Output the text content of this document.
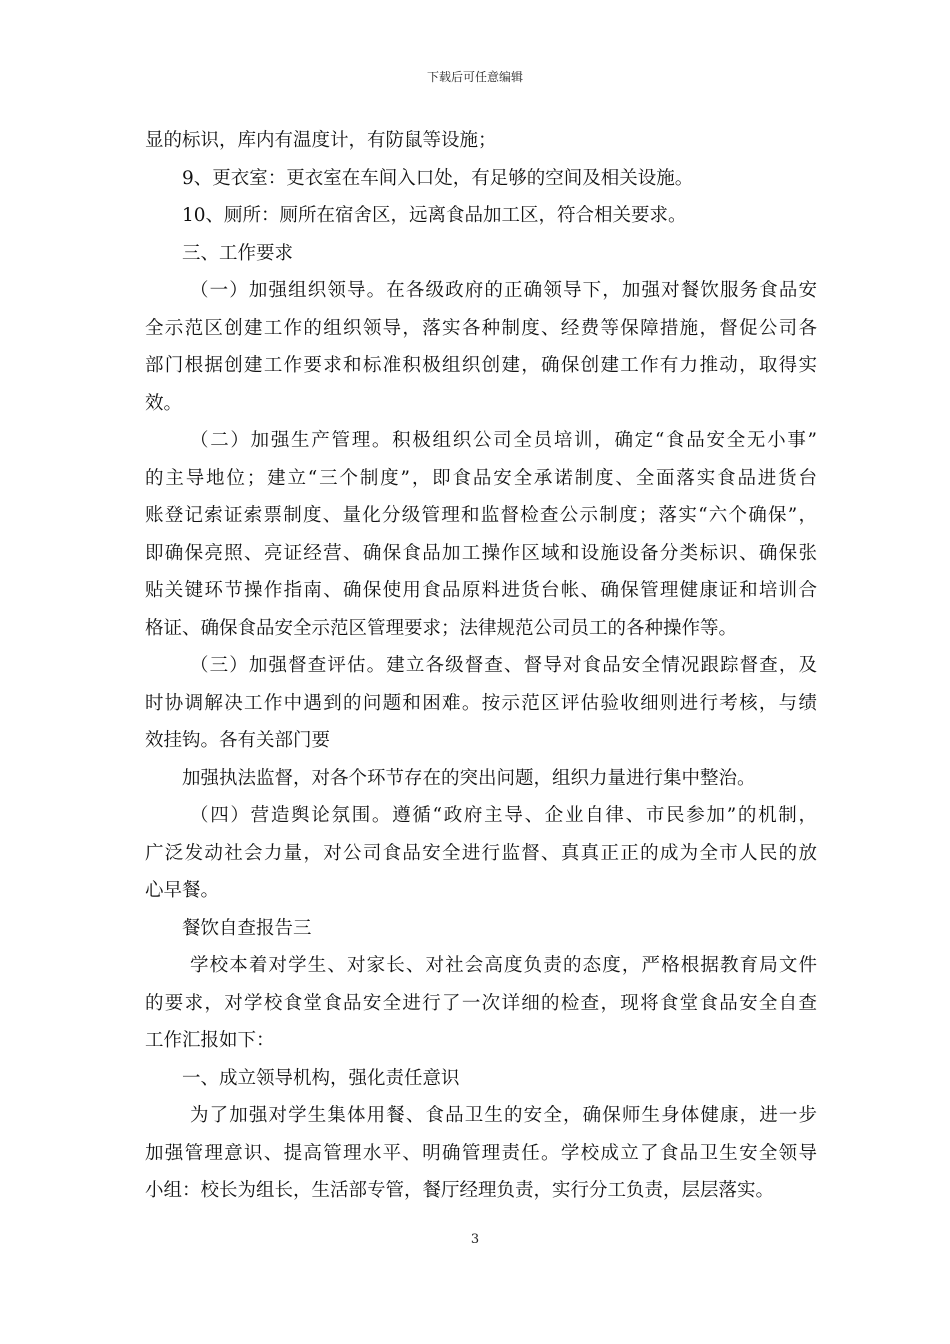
下载后可任意编辑
显的标识，库内有温度计，有防鼠等设施；
9、更衣室：更衣室在车间入口处，有足够的空间及相关设施。
10、厕所：厕所在宿舍区，远离食品加工区，符合相关要求。
三、工作要求
（一）加强组织领导。在各级政府的正确领导下，加强对餐饮服务食品安
全示范区创建工作的组织领导，落实各种制度、经费等保障措施，督促公司各
部门根据创建工作要求和标准积极组织创建，确保创建工作有力推动，取得实
效。
（二）加强生产管理。积极组织公司全员培训，确定“食品安全无小事”
的主导地位；建立“三个制度”，即食品安全承诺制度、全面落实食品进货台
账登记索证索票制度、量化分级管理和监督检查公示制度；落实“六个确保”，
即确保亮照、亮证经营、确保食品加工操作区域和设施设备分类标识、确保张
贴关键环节操作指南、确保使用食品原料进货台帐、确保管理健康证和培训合
格证、确保食品安全示范区管理要求；法律规范公司员工的各种操作等。
（三）加强督查评估。建立各级督查、督导对食品安全情况跟踪督查，及
时协调解决工作中遇到的问题和困难。按示范区评估验收细则进行考核，与绩
效挂钩。各有关部门要
加强执法监督，对各个环节存在的突出问题，组织力量进行集中整治。
（四）营造舆论氛围。遵循“政府主导、企业自律、市民参加”的机制，
广泛发动社会力量，对公司食品安全进行监督、真真正正的成为全市人民的放
心早餐。
餐饮自查报告三
学校本着对学生、对家长、对社会高度负责的态度，严格根据教育局文件
的要求，对学校食堂食品安全进行了一次详细的检查，现将食堂食品安全自查
工作汇报如下：
一、成立领导机构，强化责任意识
为了加强对学生集体用餐、食品卫生的安全，确保师生身体健康，进一步
加强管理意识、提高管理水平、明确管理责任。学校成立了食品卫生安全领导
小组：校长为组长，生活部专管，餐厅经理负责，实行分工负责，层层落实。
3
